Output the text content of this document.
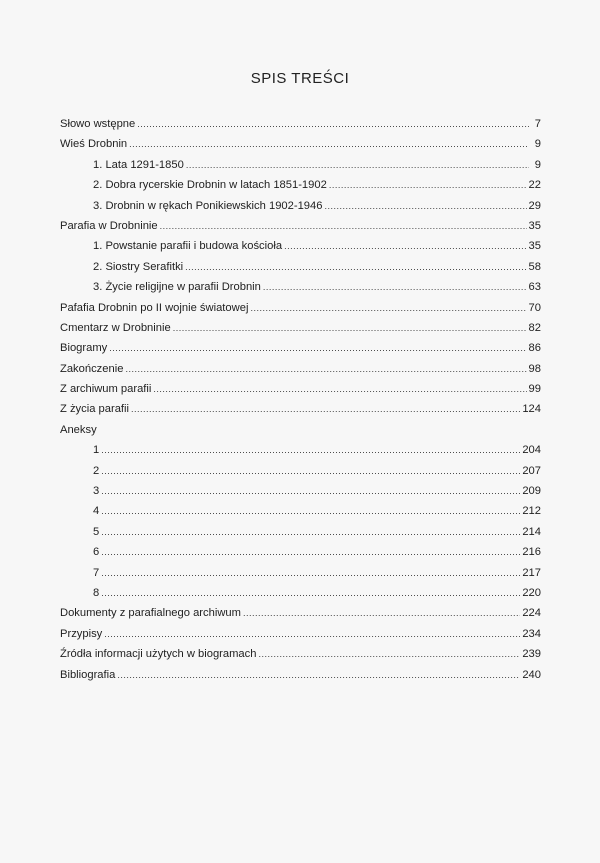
SPIS TREŚCI
Słowo wstępne .....	7
Wieś Drobnin .....	9
1. Lata 1291-1850 .....	9
2. Dobra rycerskie Drobnin w latach 1851-1902 .....	22
3. Drobnin w rękach Ponikiewskich 1902-1946 .....	29
Parafia w Drobninie .....	35
1. Powstanie parafii i budowa kościoła .....	35
2. Siostry Serafitki .....	58
3. Życie religijne w parafii Drobnin .....	63
Pafafia Drobnin po II wojnie światowej .....	70
Cmentarz w Drobninie .....	82
Biogramy .....	86
Zakończenie .....	98
Z archiwum parafii .....	99
Z życia parafii .....	124
Aneksy
1 .....	204
2 .....	207
3 .....	209
4 .....	212
5 .....	214
6 .....	216
7 .....	217
8 .....	220
Dokumenty z parafialnego archiwum .....	224
Przypisy .....	234
Źródła informacji użytych w biogramach .....	239
Bibliografia .....	240
